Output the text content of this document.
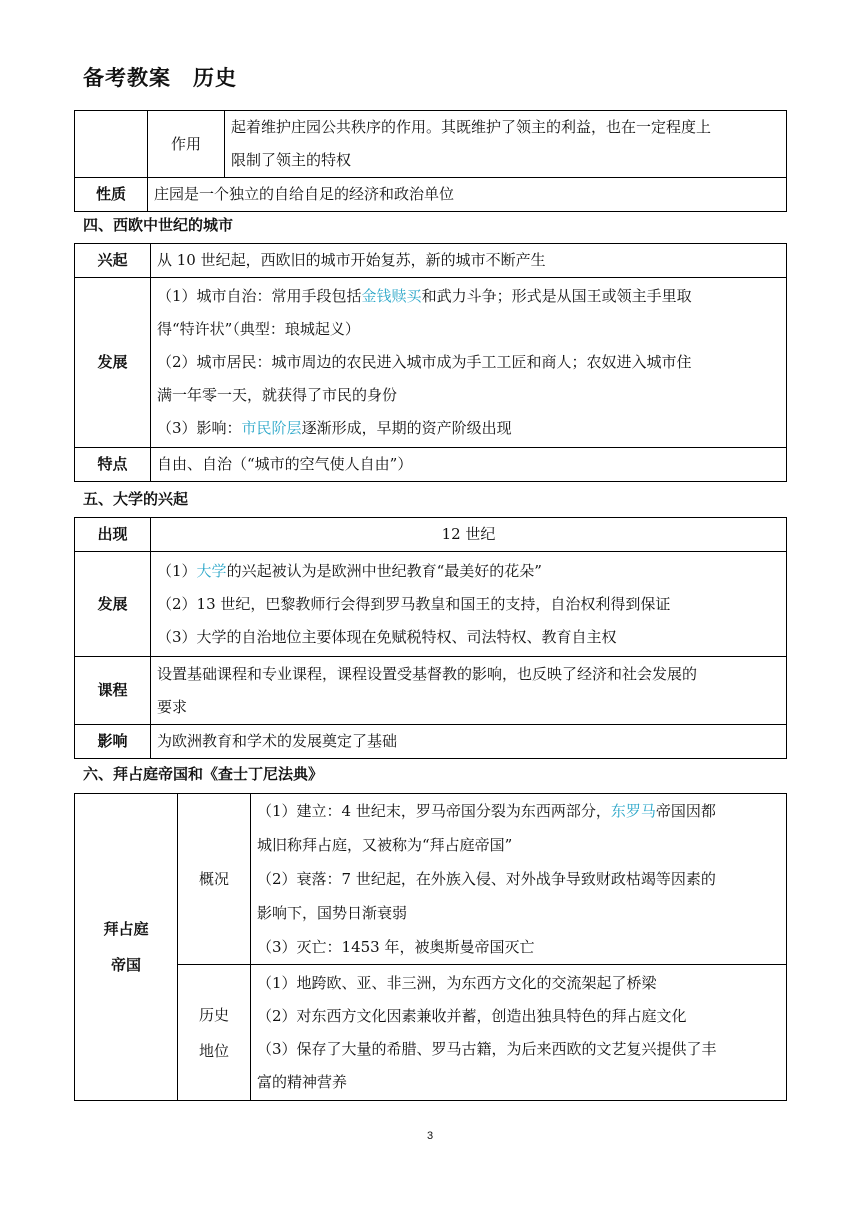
备考教案 历史
	作用	起着维护庄园公共秩序的作用。其既维护了领主的利益，也在一定程度上
限制了领主的特权

性质	庄园是一个独立的自给自足的经济和政治单位	
四、西欧中世纪的城市
兴起	从 10 世纪起，西欧旧的城市开始复苏，新的城市不断产生
发展	（1）城市自治：常用手段包括金钱赎买和武力斗争；形式是从国王或领主手里取
得“特许状”（典型：琅城起义）
（2）城市居民：城市周边的农民进入城市成为手工工匠和商人；农奴进入城市住
满一年零一天，就获得了市民的身份
（3）影响：市民阶层逐渐形成，早期的资产阶级出现

特点	自由、自治（“城市的空气使人自由”）
五、大学的兴起
出现	12 世纪
发展	（1）大学的兴起被认为是欧洲中世纪教育“最美好的花朵”
（2）13 世纪，巴黎教师行会得到罗马教皇和国王的支持，自治权利得到保证
（3）大学的自治地位主要体现在免赋税特权、司法特权、教育自主权

课程	设置基础课程和专业课程，课程设置受基督教的影响，也反映了经济和社会发展的
要求

影响	为欧洲教育和学术的发展奠定了基础
六、拜占庭帝国和《查士丁尼法典》
拜占庭
帝国	概况	（1）建立：4 世纪末，罗马帝国分裂为东西两部分，东罗马帝国因都
城旧称拜占庭，又被称为“拜占庭帝国”
（2）衰落：7 世纪起，在外族入侵、对外战争导致财政枯竭等因素的
影响下，国势日渐衰弱
（3）灭亡：1453 年，被奥斯曼帝国灭亡

	历史
地位	（1）地跨欧、亚、非三洲，为东西方文化的交流架起了桥梁
（2）对东西方文化因素兼收并蓄，创造出独具特色的拜占庭文化
（3）保存了大量的希腊、罗马古籍，为后来西欧的文艺复兴提供了丰
富的精神营养
3
